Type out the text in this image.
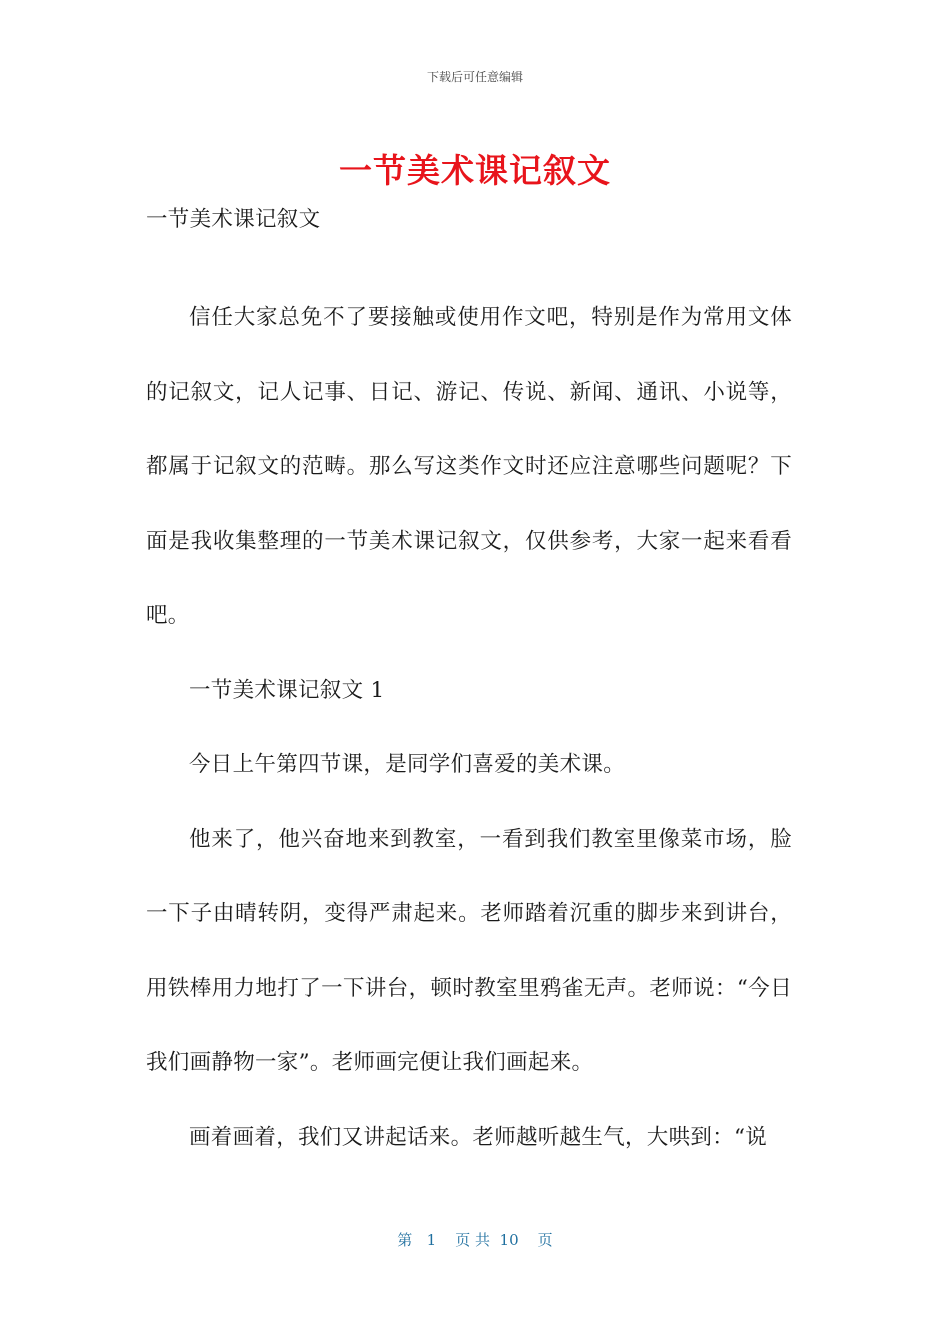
下载后可任意编辑
一节美术课记叙文

一节美术课记叙文

信任大家总免不了要接触或使用作文吧，特别是作为常用文体的记叙文，记人记事、日记、游记、传说、新闻、通讯、小说等，都属于记叙文的范畴。那么写这类作文时还应注意哪些问题呢？下面是我收集整理的一节美术课记叙文，仅供参考，大家一起来看看吧。

一节美术课记叙文 1

今日上午第四节课，是同学们喜爱的美术课。

他来了，他兴奋地来到教室，一看到我们教室里像菜市场，脸一下子由晴转阴，变得严肃起来。老师踏着沉重的脚步来到讲台，用铁棒用力地打了一下讲台，顿时教室里鸦雀无声。老师说：“今日我们画静物一家”。老师画完便让我们画起来。

画着画着，我们又讲起话来。老师越听越生气，大哄到：“说

第   1    页 共  10    页
